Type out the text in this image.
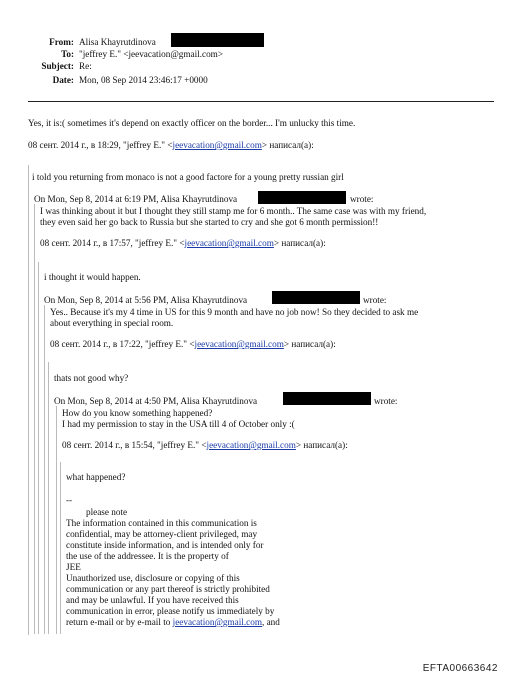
From: Alisa Khayrutdinova
To: "jeffrey E." <jeevacation@gmail.com>
Subject: Re:
Date: Mon, 08 Sep 2014 23:46:17 +0000
Yes, it is:( sometimes it's depend on exactly officer on the border... I'm unlucky this time.
08 сент. 2014 г., в 18:29, "jeffrey E." <jeevacation@gmail.com> написал(а):
i told you returning from monaco is not a good factore for a young pretty russian girl
On Mon, Sep 8, 2014 at 6:19 PM, Alisa Khayrutdinova	wrote:
I was thinking about it but I thought they still stamp me for 6 month.. The same case was with my friend,
they even said her go back to Russia but she started to cry and she got 6 month permission!!
08 сент. 2014 г., в 17:57, "jeffrey E." <jeevacation@gmail.com> написал(а):
i thought it would happen.
On Mon, Sep 8, 2014 at 5:56 PM, Alisa Khayrutdinova	wrote:
Yes.. Because it's my 4 time in US for this 9 month and have no job now! So they decided to ask me
about everything in special room.
08 сент. 2014 г., в 17:22, "jeffrey E." <jeevacation@gmail.com> написал(а):
thats not good why?
On Mon, Sep 8, 2014 at 4:50 PM, Alisa Khayrutdinova	wrote:
How do you know something happened?
I had my permission to stay in the USA till 4 of October only :(
08 сент. 2014 г., в 15:54, "jeffrey E." <jeevacation@gmail.com> написал(а):
what happened?
--
please note
The information contained in this communication is
confidential, may be attorney-client privileged, may
constitute inside information, and is intended only for
the use of the addressee. It is the property of
JEE
Unauthorized use, disclosure or copying of this
communication or any part thereof is strictly prohibited
and may be unlawful. If you have received this
communication in error, please notify us immediately by
return e-mail or by e-mail to jeevacation@gmail.com, and
EFTA00663642
